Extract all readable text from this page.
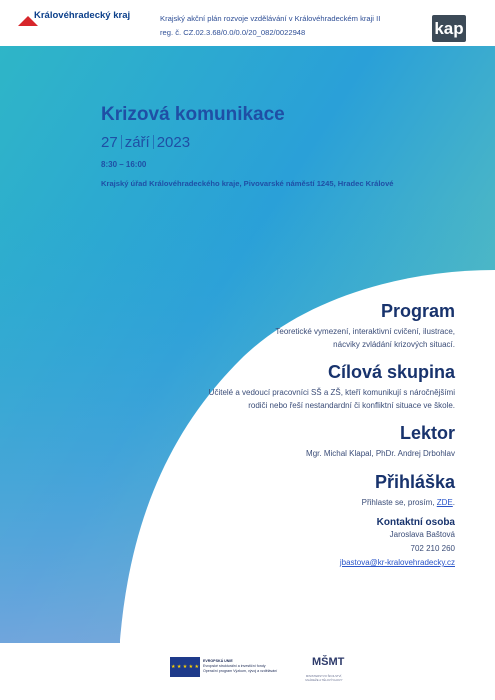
Královéhradecký kraj	Krajský akční plán rozvoje vzdělávání v Královéhradeckém kraji II
reg. č. CZ.02.3.68/0.0/0.0/20_082/0022948
Královéhradecký
kap
Krizová komunikace
27 září 2023
8:30 – 16:00
Krajský úřad Královéhradeckého kraje, Pivovarské náměstí 1245, Hradec Králové
Program
Teoretické vymezení, interaktivní cvičení, ilustrace,
nácviky zvládání krizových situací.
Cílová skupina
Učitelé a vedoucí pracovníci SŠ a ZŠ, kteří komunikují s náročnějšími
rodiči nebo řeší nestandardní či konfliktní situace ve škole.
Lektor
Mgr. Michal Klapal, PhDr. Andrej Drbohlav
Přihláška
Přihlaste se, prosím, ZDE.
Kontaktní osoba
Jaroslava Baštová
702 210 260
jbastova@kr-kralovehradecky.cz
★ ★ ★ ★ ★
EVROPSKÁ UNIE
Evropské strukturální a investiční fondy
Operační program Výzkum, vývoj a vzdělávání
MŠMT
MINISTERSTVO ŠKOLSTVÍ, MLÁDEŽE A TĚLOVÝCHOVY
